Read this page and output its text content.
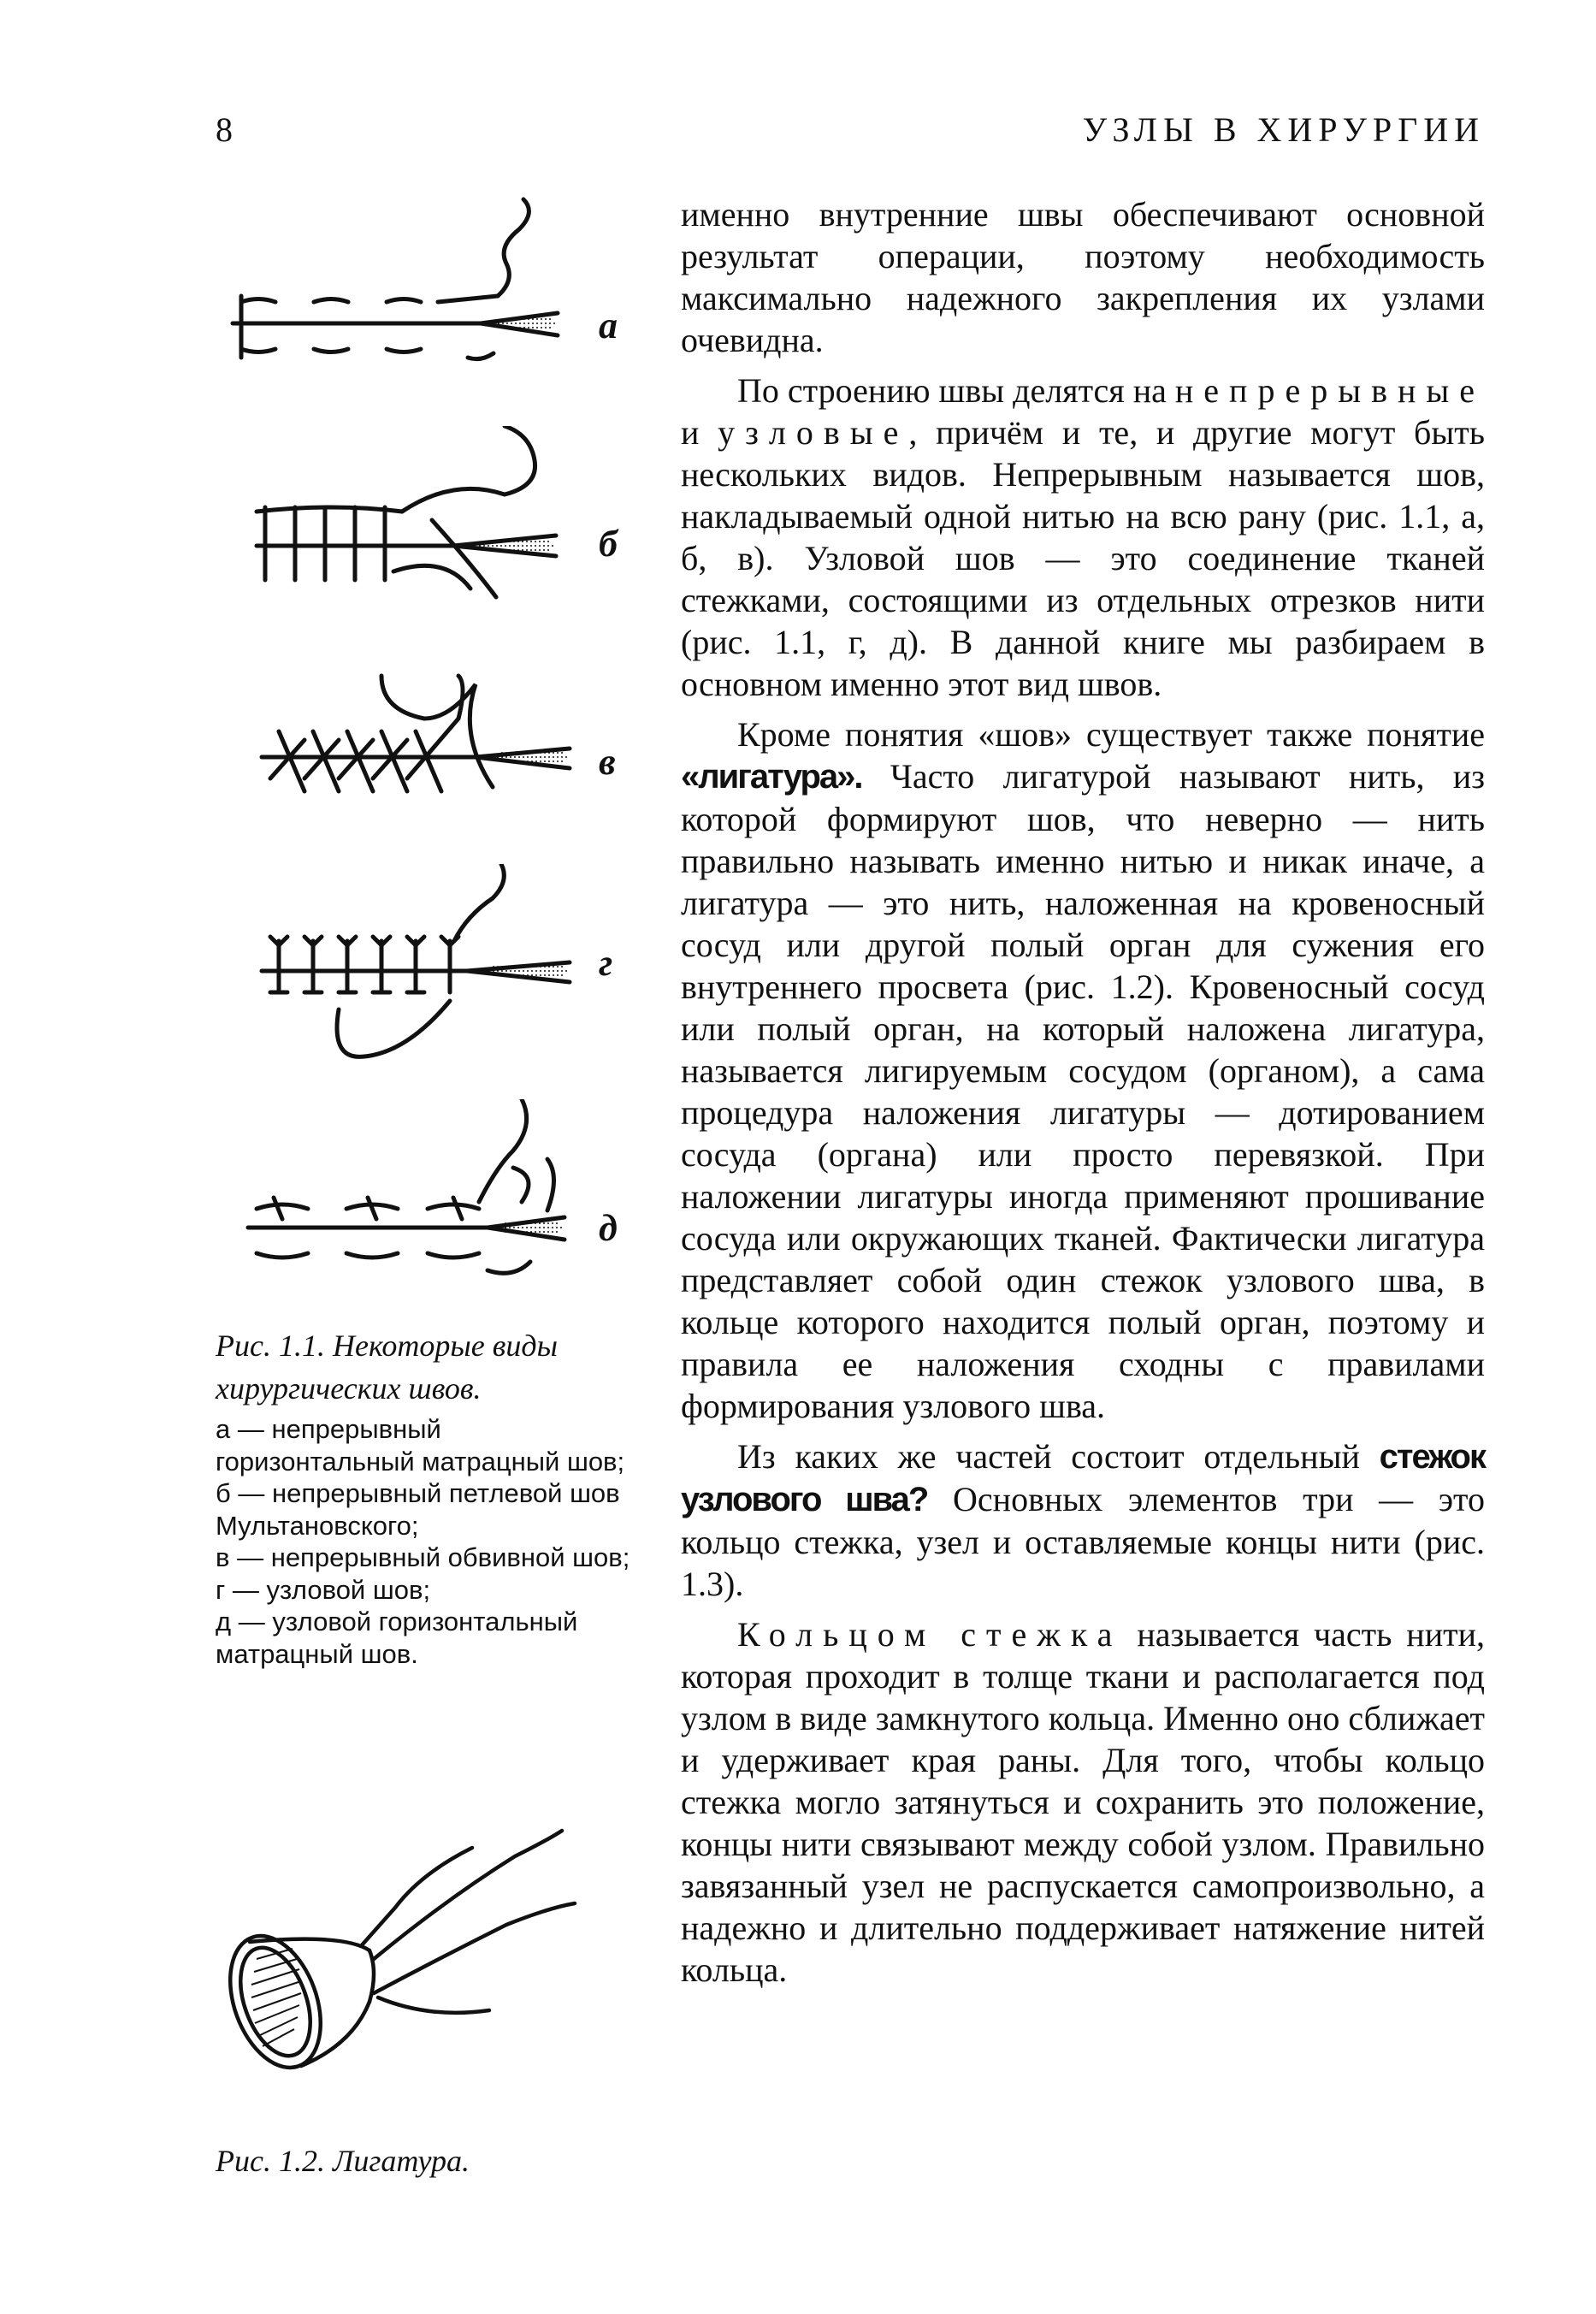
8	УЗЛЫ В ХИРУРГИИ
а
б
в
г
д
Рис. 1.1. Некоторые виды хирургических швов.
а — непрерывный горизонтальный матрацный шов;
б — непрерывный петлевой шов Мультановского;
в — непрерывный обвивной шов;
г — узловой шов;
д — узловой горизонтальный матрацный шов.
Рис. 1.2. Лигатура.

именно внутренние швы обеспечивают основной результат операции, поэтому необходимость максимально надежного закрепления их узлами очевидна.

По строению швы делятся на непрерывные и узловые, причём и те, и другие могут быть нескольких видов. Непрерывным называется шов, накладываемый одной нитью на всю рану (рис. 1.1, а, б, в). Узловой шов — это соединение тканей стежками, состоящими из отдельных отрезков нити (рис. 1.1, г, д). В данной книге мы разбираем в основном именно этот вид швов.

Кроме понятия «шов» существует также понятие «лигатура». Часто лигатурой называют нить, из которой формируют шов, что неверно — нить правильно называть именно нитью и никак иначе, а лигатура — это нить, наложенная на кровеносный сосуд или другой полый орган для сужения его внутреннего просвета (рис. 1.2). Кровеносный сосуд или полый орган, на который наложена лигатура, называется лигируемым сосудом (органом), а сама процедура наложения лигатуры — дотированием сосуда (органа) или просто перевязкой. При наложении лигатуры иногда применяют прошивание сосуда или окружающих тканей. Фактически лигатура представляет собой один стежок узлового шва, в кольце которого находится полый орган, поэтому и правила ее наложения сходны с правилами формирования узлового шва.

Из каких же частей состоит отдельный стежок узлового шва? Основных элементов три — это кольцо стежка, узел и оставляемые концы нити (рис. 1.3).

Кольцом стежка называется часть нити, которая проходит в толще ткани и располагается под узлом в виде замкнутого кольца. Именно оно сближает и удерживает края раны. Для того, чтобы кольцо стежка могло затянуться и сохранить это положение, концы нити связывают между собой узлом. Правильно завязанный узел не распускается самопроизвольно, а надежно и длительно поддерживает натяжение нитей кольца.
